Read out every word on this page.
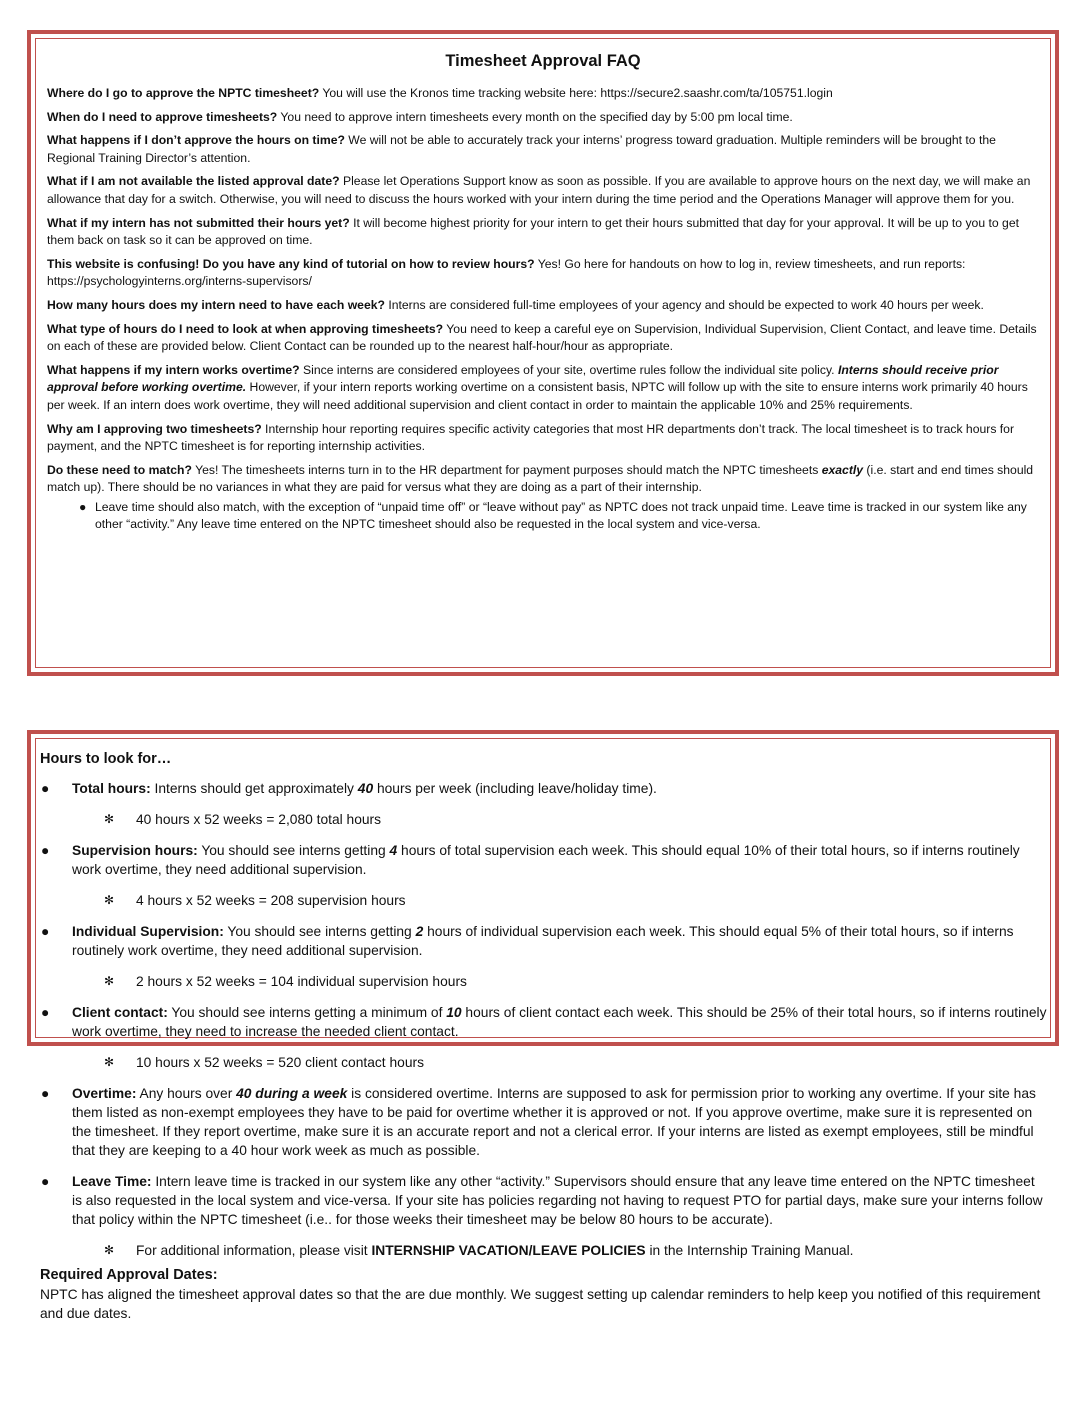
Timesheet Approval FAQ

Where do I go to approve the NPTC timesheet? You will use the Kronos time tracking website here: https://secure2.saashr.com/ta/105751.login

When do I need to approve timesheets? You need to approve intern timesheets every month on the specified day by 5:00 pm local time.

What happens if I don’t approve the hours on time? We will not be able to accurately track your interns’ progress toward graduation. Multiple reminders will be brought to the Regional Training Director’s attention.

What if I am not available the listed approval date? Please let Operations Support know as soon as possible. If you are available to approve hours on the next day, we will make an allowance that day for a switch. Otherwise, you will need to discuss the hours worked with your intern during the time period and the Operations Manager will approve them for you.

What if my intern has not submitted their hours yet? It will become highest priority for your intern to get their hours submitted that day for your approval. It will be up to you to get them back on task so it can be approved on time.

This website is confusing! Do you have any kind of tutorial on how to review hours? Yes! Go here for handouts on how to log in, review timesheets, and run reports: https://psychologyinterns.org/interns-supervisors/

How many hours does my intern need to have each week? Interns are considered full-time employees of your agency and should be expected to work 40 hours per week.

What type of hours do I need to look at when approving timesheets? You need to keep a careful eye on Supervision, Individual Supervision, Client Contact, and leave time. Details on each of these are provided below. Client Contact can be rounded up to the nearest half-hour/hour as appropriate.

What happens if my intern works overtime? Since interns are considered employees of your site, overtime rules follow the individual site policy. Interns should receive prior approval before working overtime. However, if your intern reports working overtime on a consistent basis, NPTC will follow up with the site to ensure interns work primarily 40 hours per week. If an intern does work overtime, they will need additional supervision and client contact in order to maintain the applicable 10% and 25% requirements.

Why am I approving two timesheets? Internship hour reporting requires specific activity categories that most HR departments don’t track. The local timesheet is to track hours for payment, and the NPTC timesheet is for reporting internship activities.

Do these need to match? Yes! The timesheets interns turn in to the HR department for payment purposes should match the NPTC timesheets exactly (i.e. start and end times should match up). There should be no variances in what they are paid for versus what they are doing as a part of their internship.

● Leave time should also match, with the exception of “unpaid time off” or “leave without pay” as NPTC does not track unpaid time. Leave time is tracked in our system like any other “activity.” Any leave time entered on the NPTC timesheet should also be requested in the local system and vice-versa.
Hours to look for…
● Total hours: Interns should get approximately 40 hours per week (including leave/holiday time).
✻ 40 hours x 52 weeks = 2,080 total hours
● Supervision hours: You should see interns getting 4 hours of total supervision each week. This should equal 10% of their total hours, so if interns routinely work overtime, they need additional supervision.
✻ 4 hours x 52 weeks = 208 supervision hours
● Individual Supervision: You should see interns getting 2 hours of individual supervision each week. This should equal 5% of their total hours, so if interns routinely work overtime, they need additional supervision.
✻ 2 hours x 52 weeks = 104 individual supervision hours
● Client contact: You should see interns getting a minimum of 10 hours of client contact each week. This should be 25% of their total hours, so if interns routinely work overtime, they need to increase the needed client contact.
✻ 10 hours x 52 weeks = 520 client contact hours
● Overtime: Any hours over 40 during a week is considered overtime. Interns are supposed to ask for permission prior to working any overtime. If your site has them listed as non-exempt employees they have to be paid for overtime whether it is approved or not. If you approve overtime, make sure it is represented on the timesheet. If they report overtime, make sure it is an accurate report and not a clerical error. If your interns are listed as exempt employees, still be mindful that they are keeping to a 40 hour work week as much as possible.
● Leave Time: Intern leave time is tracked in our system like any other “activity.” Supervisors should ensure that any leave time entered on the NPTC timesheet is also requested in the local system and vice-versa. If your site has policies regarding not having to request PTO for partial days, make sure your interns follow that policy within the NPTC timesheet (i.e.. for those weeks their timesheet may be below 80 hours to be accurate).
✻ For additional information, please visit INTERNSHIP VACATION/LEAVE POLICIES in the Internship Training Manual.
Required Approval Dates:
NPTC has aligned the timesheet approval dates so that the are due monthly. We suggest setting up calendar reminders to help keep you notified of this requirement and due dates.
